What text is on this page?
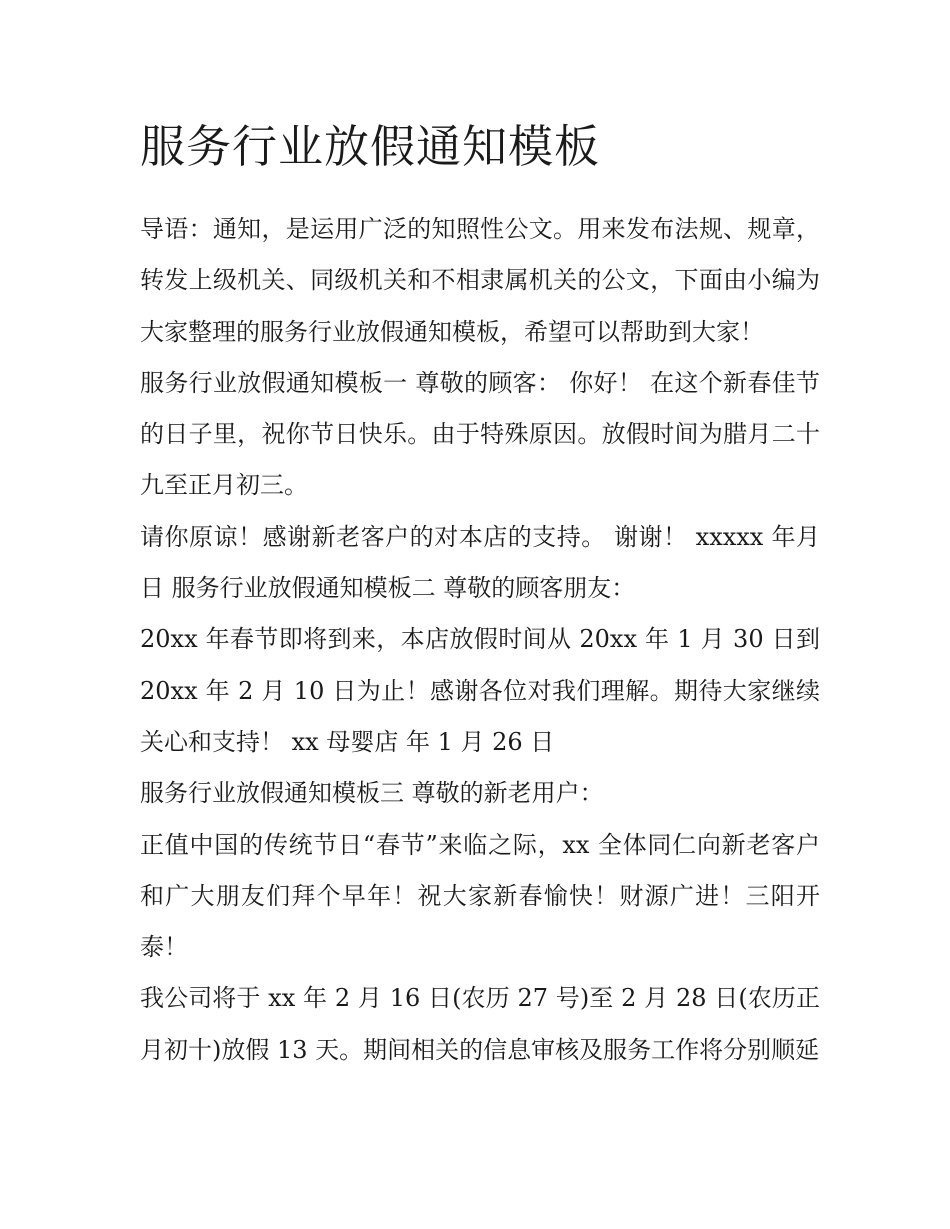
服务行业放假通知模板

导语：通知，是运用广泛的知照性公文。用来发布法规、规章，转发上级机关、同级机关和不相隶属机关的公文，下面由小编为大家整理的服务行业放假通知模板，希望可以帮助到大家！

服务行业放假通知模板一 尊敬的顾客： 你好！ 在这个新春佳节的日子里，祝你节日快乐。由于特殊原因。放假时间为腊月二十九至正月初三。

请你原谅！感谢新老客户的对本店的支持。 谢谢！ xxxxx 年月日 服务行业放假通知模板二 尊敬的顾客朋友：

20xx 年春节即将到来，本店放假时间从 20xx 年 1 月 30 日到 20xx 年 2 月 10 日为止！感谢各位对我们理解。期待大家继续关心和支持！ xx 母婴店 年 1 月 26 日

服务行业放假通知模板三 尊敬的新老用户：

正值中国的传统节日“春节”来临之际，xx 全体同仁向新老客户和广大朋友们拜个早年！祝大家新春愉快！财源广进！三阳开泰！

我公司将于 xx 年 2 月 16 日(农历 27 号)至 2 月 28 日(农历正月初十)放假 13 天。期间相关的信息审核及服务工作将分别顺延
